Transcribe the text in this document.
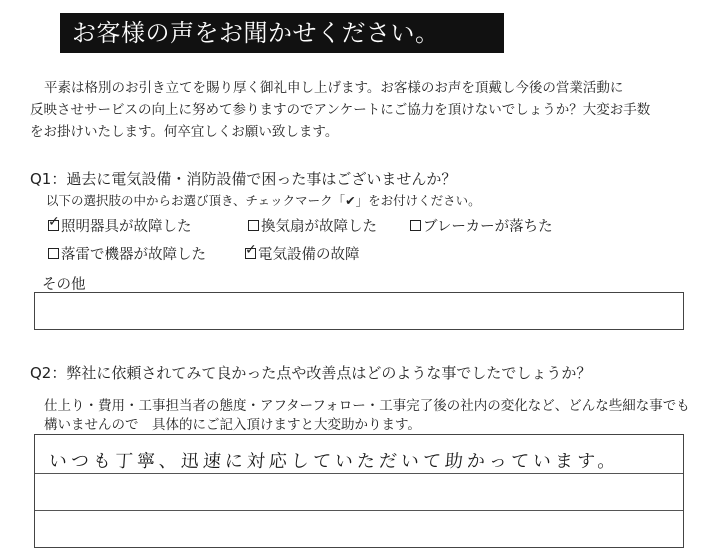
お客様の声をお聞かせください。

平素は格別のお引き立てを賜り厚く御礼申し上げます。お客様のお声を頂戴し今後の営業活動に

反映させサービスの向上に努めて参りますのでアンケートにご協力を頂けないでしょうか？大変お手数

をお掛けいたします。何卒宜しくお願い致します。

Q1：過去に電気設備・消防設備で困った事はございませんか？
以下の選択肢の中からお選び頂き、チェックマーク「✔」をお付けください。
✓ 照明器具が故障した	換気扇が故障した	ブレーカーが落ちた
落雷で機器が故障した	✓ 電気設備の故障
その他
Q2：弊社に依頼されてみて良かった点や改善点はどのような事でしたでしょうか？

仕上り・費用・工事担当者の態度・アフターフォロー・工事完了後の社内の変化など、どんな些細な事でも

構いませんので　具体的にご記入頂けますと大変助かります。

いつも丁寧、迅速に対応していただいて助かっています。
